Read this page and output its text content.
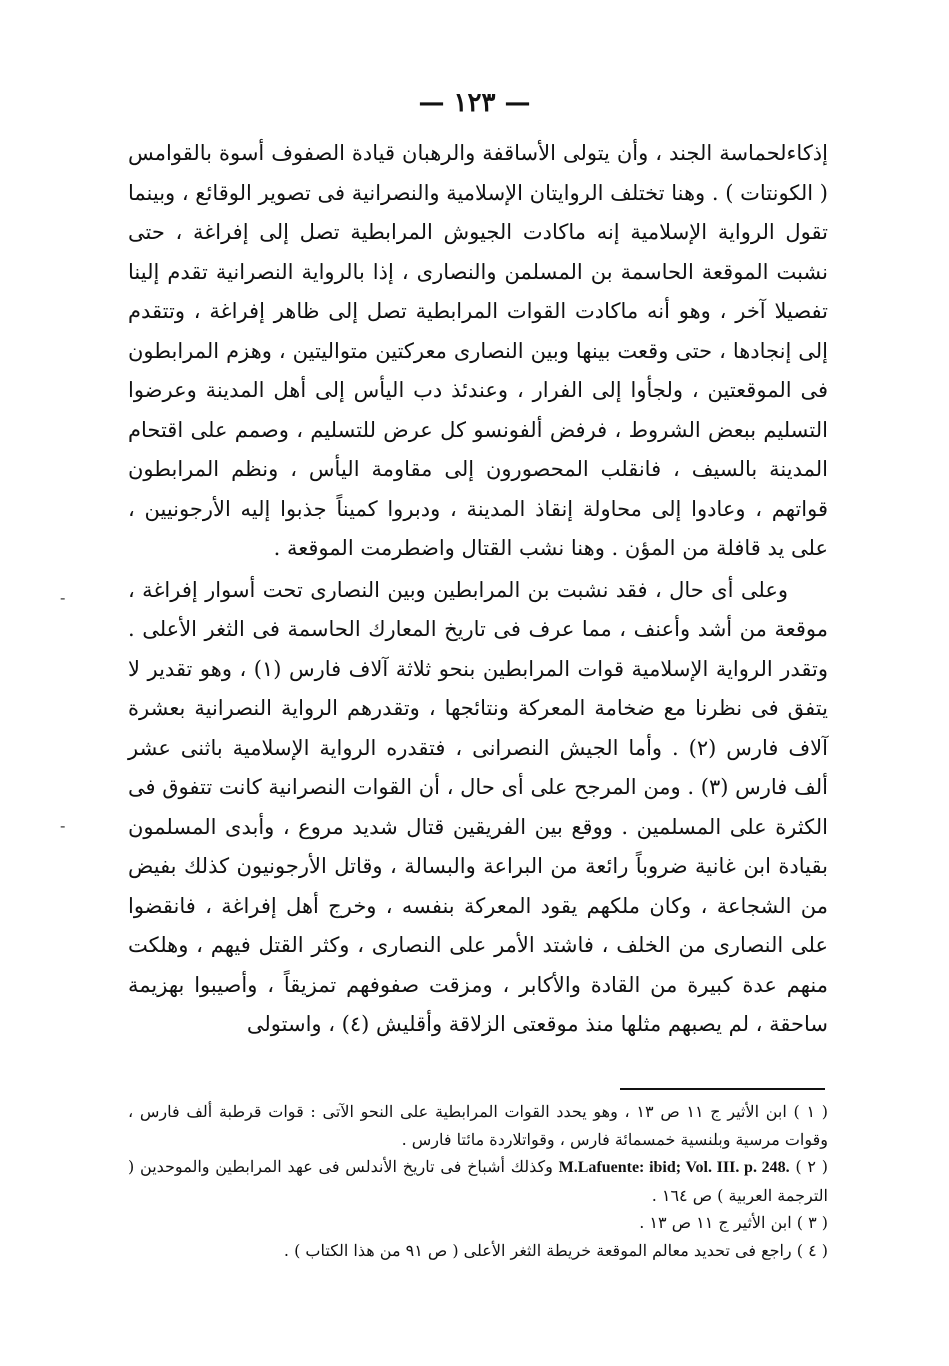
— ١٢٣ —
-
-

إذكاءلحماسة الجند ، وأن يتولى الأساقفة والرهبان قيادة الصفوف أسوة بالقوامس ( الكونتات ) . وهنا تختلف الروايتان الإسلامية والنصرانية فى تصوير الوقائع ، وبينما تقول الرواية الإسلامية إنه ماكادت الجيوش المرابطية تصل إلى إفراغة ، حتى نشبت الموقعة الحاسمة بن المسلمن والنصارى ، إذا بالرواية النصرانية تقدم إلينا تفصيلا آخر ، وهو أنه ماكادت القوات المرابطية تصل إلى ظاهر إفراغة ، وتتقدم إلى إنجادها ، حتى وقعت بينها وبين النصارى معركتين متواليتين ، وهزم المرابطون فى الموقعتين ، ولجأوا إلى الفرار ، وعندئذ دب اليأس إلى أهل المدينة وعرضوا التسليم ببعض الشروط ، فرفض ألفونسو كل عرض للتسليم ، وصمم على اقتحام المدينة بالسيف ، فانقلب المحصورون إلى مقاومة اليأس ، ونظم المرابطون قواتهم ، وعادوا إلى محاولة إنقاذ المدينة ، ودبروا كميناً جذبوا إليه الأرجونيين ، على يد قافلة من المؤن . وهنا نشب القتال واضطرمت الموقعة .

وعلى أى حال ، فقد نشبت بن المرابطين وبين النصارى تحت أسوار إفراغة ، موقعة من أشد وأعنف ، مما عرف فى تاريخ المعارك الحاسمة فى الثغر الأعلى . وتقدر الرواية الإسلامية قوات المرابطين بنحو ثلاثة آلاف فارس (١) ، وهو تقدير لا يتفق فى نظرنا مع ضخامة المعركة ونتائجها ، وتقدرهم الرواية النصرانية بعشرة آلاف فارس (٢) . وأما الجيش النصرانى ، فتقدره الرواية الإسلامية باثنى عشر ألف فارس (٣) . ومن المرجح على أى حال ، أن القوات النصرانية كانت تتفوق فى الكثرة على المسلمين . ووقع بين الفريقين قتال شديد مروع ، وأبدى المسلمون بقيادة ابن غانية ضروباً رائعة من البراعة والبسالة ، وقاتل الأرجونيون كذلك بفيض من الشجاعة ، وكان ملكهم يقود المعركة بنفسه ، وخرج أهل إفراغة ، فانقضوا على النصارى من الخلف ، فاشتد الأمر على النصارى ، وكثر القتل فيهم ، وهلكت منهم عدة كبيرة من القادة والأكابر ، ومزقت صفوفهم تمزيقاً ، وأصيبوا بهزيمة ساحقة ، لم يصبهم مثلها منذ موقعتى الزلاقة وأقليش (٤) ، واستولى

( ١ ) ابن الأثير ج ١١ ص ١٣ ، وهو يحدد القوات المرابطية على النحو الآتى : قوات قرطبة ألف فارس ، وقوات مرسية وبلنسية خمسمائة فارس ، وقواتلاردة مائتا فارس .

( ٢ ) M.Lafuente: ibid; Vol. III. p. 248. وكذلك أشباخ فى تاريخ الأندلس فى عهد المرابطين والموحدين ( الترجمة العربية ) ص ١٦٤ .

( ٣ ) ابن الأثير ج ١١ ص ١٣ .

( ٤ ) راجع فى تحديد معالم الموقعة خريطة الثغر الأعلى ( ص ٩١ من هذا الكتاب ) .
